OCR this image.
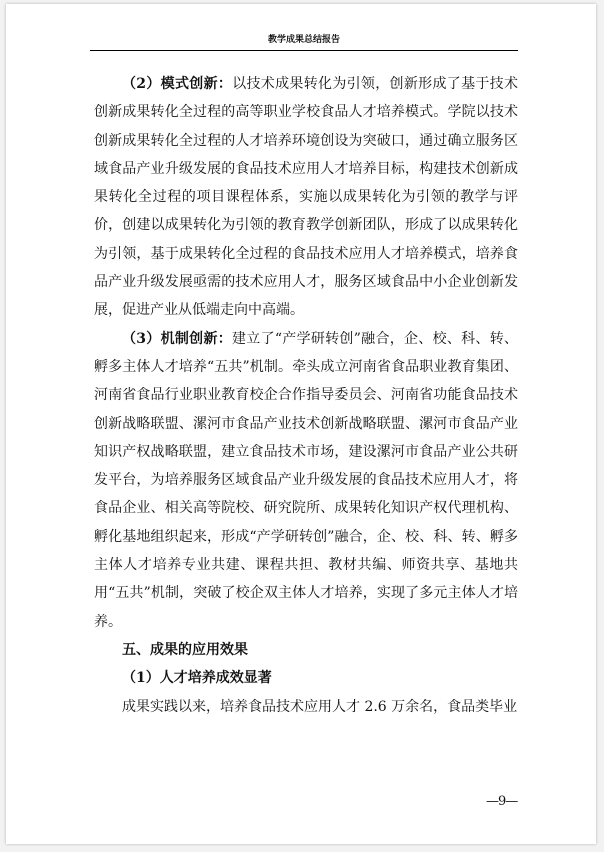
教学成果总结报告

（2）模式创新：以技术成果转化为引领，创新形成了基于技术创新成果转化全过程的高等职业学校食品人才培养模式。学院以技术创新成果转化全过程的人才培养环境创设为突破口，通过确立服务区域食品产业升级发展的食品技术应用人才培养目标，构建技术创新成果转化全过程的项目课程体系，实施以成果转化为引领的教学与评价，创建以成果转化为引领的教育教学创新团队，形成了以成果转化为引领，基于成果转化全过程的食品技术应用人才培养模式，培养食品产业升级发展亟需的技术应用人才，服务区域食品中小企业创新发展，促进产业从低端走向中高端。

（3）机制创新：建立了“产学研转创”融合，企、校、科、转、孵多主体人才培养“五共”机制。牵头成立河南省食品职业教育集团、河南省食品行业职业教育校企合作指导委员会、河南省功能食品技术创新战略联盟、漯河市食品产业技术创新战略联盟、漯河市食品产业知识产权战略联盟，建立食品技术市场，建设漯河市食品产业公共研发平台，为培养服务区域食品产业升级发展的食品技术应用人才，将食品企业、相关高等院校、研究院所、成果转化知识产权代理机构、孵化基地组织起来，形成“产学研转创”融合，企、校、科、转、孵多主体人才培养专业共建、课程共担、教材共编、师资共享、基地共用“五共”机制，突破了校企双主体人才培养，实现了多元主体人才培养。

五、成果的应用效果

（1）人才培养成效显著

成果实践以来，培养食品技术应用人才 2.6 万余名，食品类毕业

—9—
